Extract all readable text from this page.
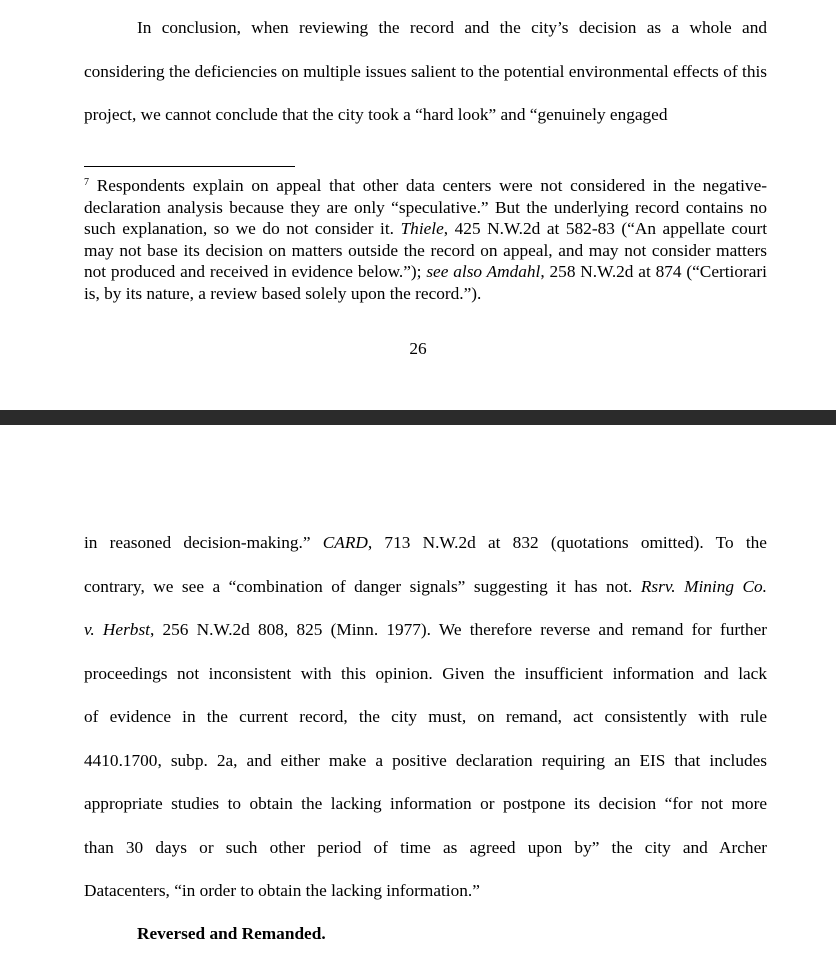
In conclusion, when reviewing the record and the city’s decision as a whole and considering the deficiencies on multiple issues salient to the potential environmental effects of this project, we cannot conclude that the city took a “hard look” and “genuinely engaged

$^7$ Respondents explain on appeal that other data centers were not considered in the negative-declaration analysis because they are only “speculative.” But the underlying record contains no such explanation, so we do not consider it. Thiele, 425 N.W.2d at 582-83 (“An appellate court may not base its decision on matters outside the record on appeal, and may not consider matters not produced and received in evidence below.”); see also Amdahl, 258 N.W.2d at 874 (“Certiorari is, by its nature, a review based solely upon the record.”).

26
in reasoned decision-making.” CARD, 713 N.W.2d at 832 (quotations omitted). To the
contrary, we see a “combination of danger signals” suggesting it has not. Rsrv. Mining Co.
v. Herbst, 256 N.W.2d 808, 825 (Minn. 1977). We therefore reverse and remand for further
proceedings not inconsistent with this opinion. Given the insufficient information and lack
of evidence in the current record, the city must, on remand, act consistently with rule
4410.1700, subp. 2a, and either make a positive declaration requiring an EIS that includes
appropriate studies to obtain the lacking information or postpone its decision “for not more
than 30 days or such other period of time as agreed upon by” the city and Archer
Datacenters, “in order to obtain the lacking information.”

Reversed and Remanded.
